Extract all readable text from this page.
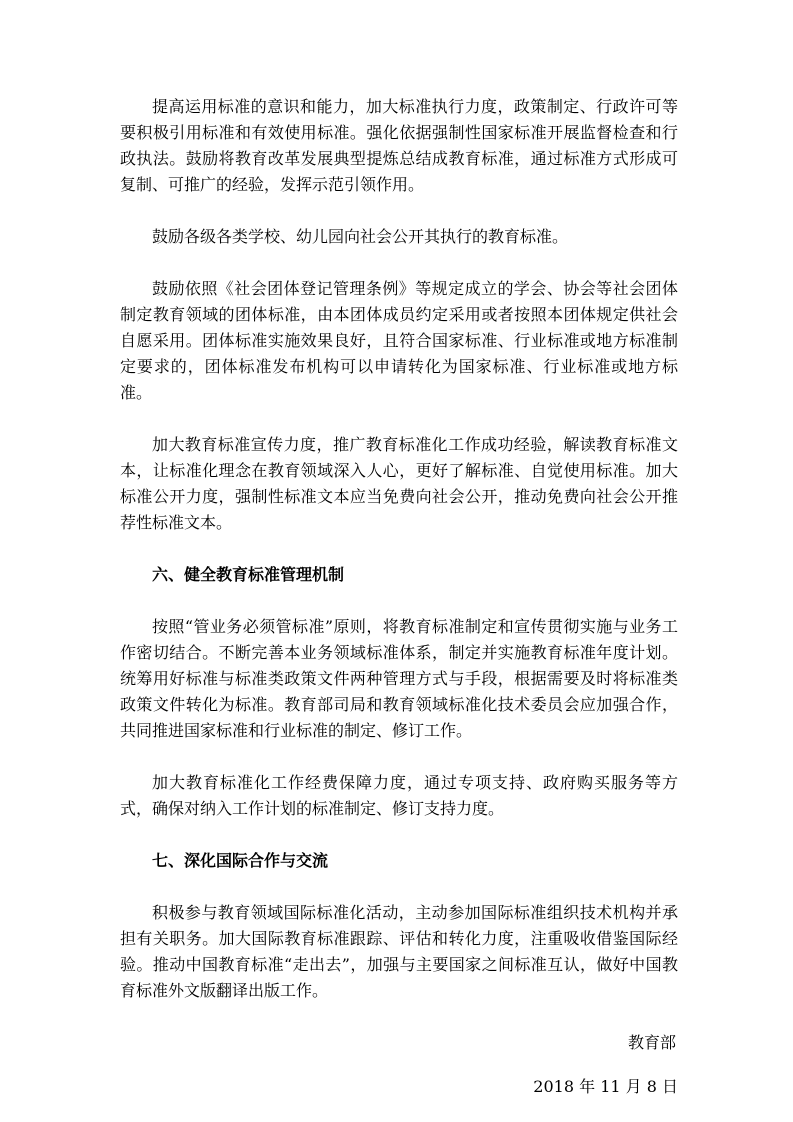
提高运用标准的意识和能力，加大标准执行力度，政策制定、行政许可等要积极引用标准和有效使用标准。强化依据强制性国家标准开展监督检查和行政执法。鼓励将教育改革发展典型提炼总结成教育标准，通过标准方式形成可复制、可推广的经验，发挥示范引领作用。

鼓励各级各类学校、幼儿园向社会公开其执行的教育标准。

鼓励依照《社会团体登记管理条例》等规定成立的学会、协会等社会团体制定教育领域的团体标准，由本团体成员约定采用或者按照本团体规定供社会自愿采用。团体标准实施效果良好，且符合国家标准、行业标准或地方标准制定要求的，团体标准发布机构可以申请转化为国家标准、行业标准或地方标准。

加大教育标准宣传力度，推广教育标准化工作成功经验，解读教育标准文本，让标准化理念在教育领域深入人心，更好了解标准、自觉使用标准。加大标准公开力度，强制性标准文本应当免费向社会公开，推动免费向社会公开推荐性标准文本。

六、健全教育标准管理机制

按照“管业务必须管标准”原则，将教育标准制定和宣传贯彻实施与业务工作密切结合。不断完善本业务领域标准体系，制定并实施教育标准年度计划。统筹用好标准与标准类政策文件两种管理方式与手段，根据需要及时将标准类政策文件转化为标准。教育部司局和教育领域标准化技术委员会应加强合作，共同推进国家标准和行业标准的制定、修订工作。

加大教育标准化工作经费保障力度，通过专项支持、政府购买服务等方式，确保对纳入工作计划的标准制定、修订支持力度。

七、深化国际合作与交流

积极参与教育领域国际标准化活动，主动参加国际标准组织技术机构并承担有关职务。加大国际教育标准跟踪、评估和转化力度，注重吸收借鉴国际经验。推动中国教育标准“走出去”，加强与主要国家之间标准互认，做好中国教育标准外文版翻译出版工作。

教育部
2018 年 11 月 8 日
